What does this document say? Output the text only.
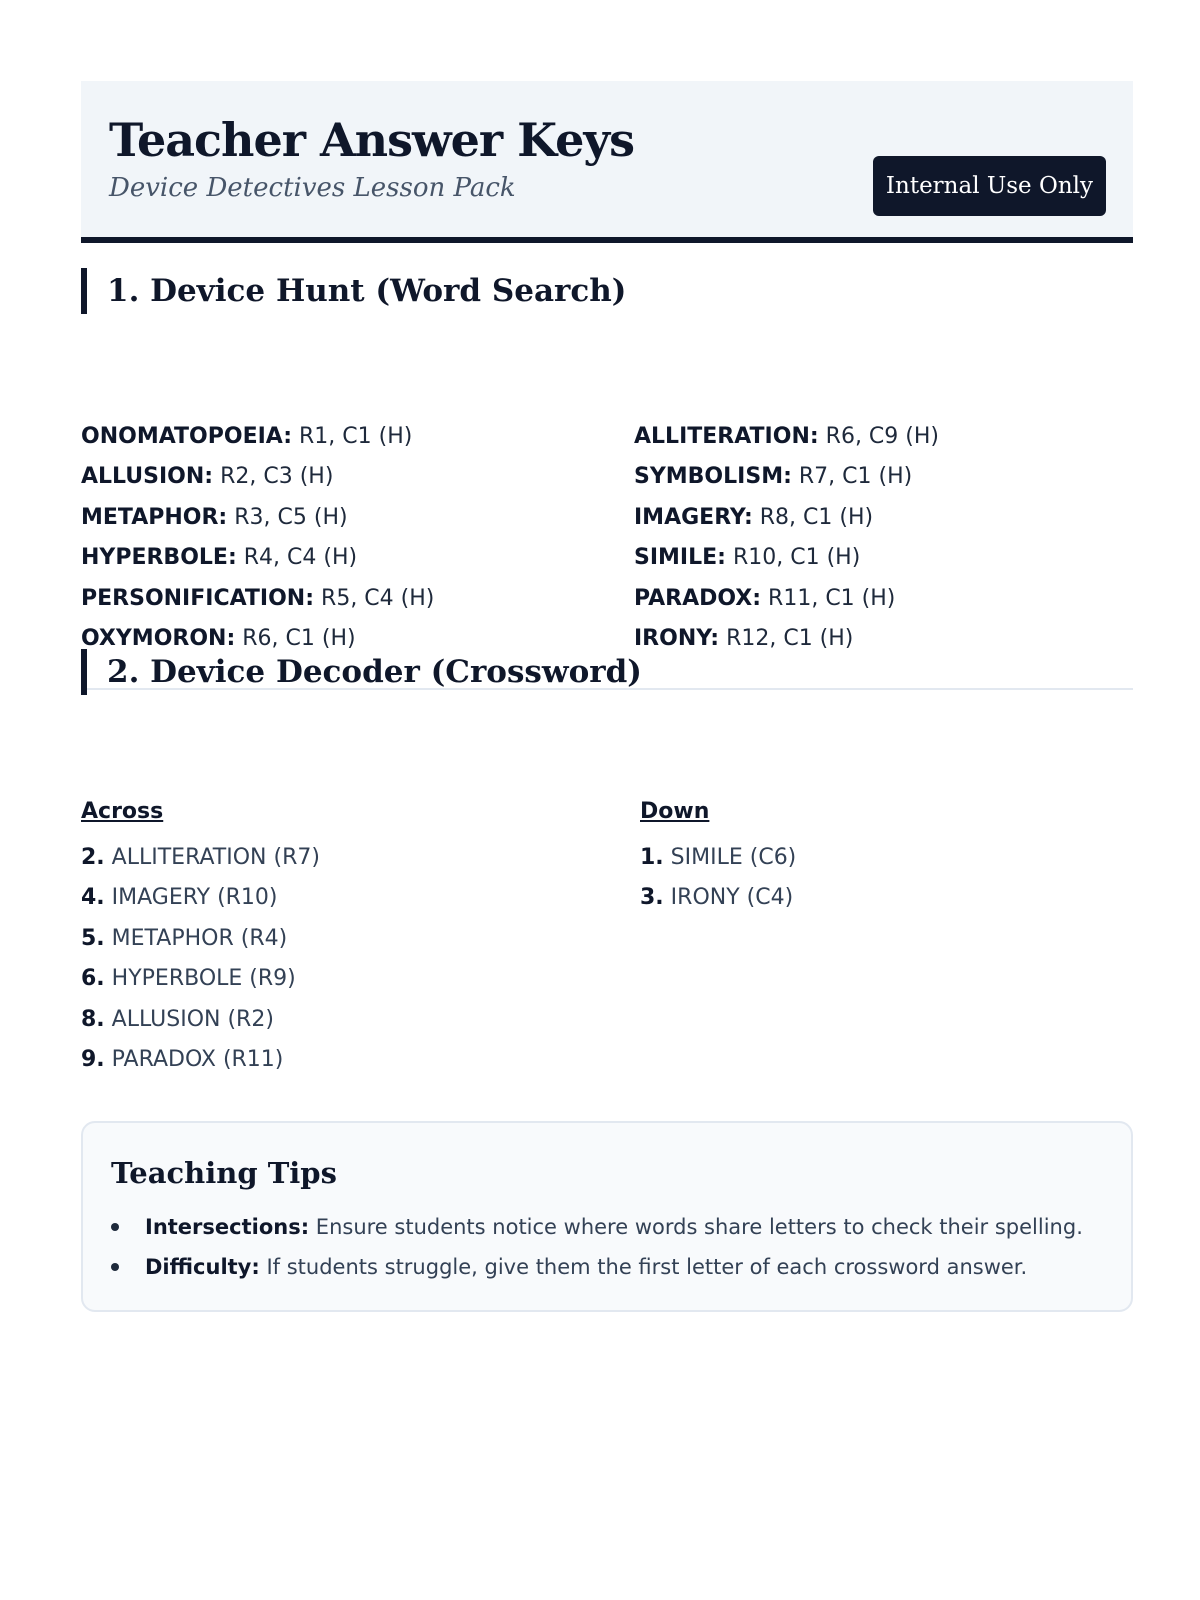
Teacher Answer Keys
Device Detectives Lesson Pack	Internal Use Only
1. Device Hunt (Word Search)
ONOMATOPOEIA: R1, C1 (H)
ALLUSION: R2, C3 (H)
METAPHOR: R3, C5 (H)
HYPERBOLE: R4, C4 (H)
PERSONIFICATION: R5, C4 (H)
OXYMORON: R6, C1 (H)
ALLITERATION: R6, C9 (H)
SYMBOLISM: R7, C1 (H)
IMAGERY: R8, C1 (H)
SIMILE: R10, C1 (H)
PARADOX: R11, C1 (H)
IRONY: R12, C1 (H)
2. Device Decoder (Crossword)
Across	Down
2. ALLITERATION (R7)
4. IMAGERY (R10)
5. METAPHOR (R4)
6. HYPERBOLE (R9)
8. ALLUSION (R2)
9. PARADOX (R11)
1. SIMILE (C6)
3. IRONY (C4)
Teaching Tips
Intersections: Ensure students notice where words share letters to check their spelling.
Difficulty: If students struggle, give them the first letter of each crossword answer.
